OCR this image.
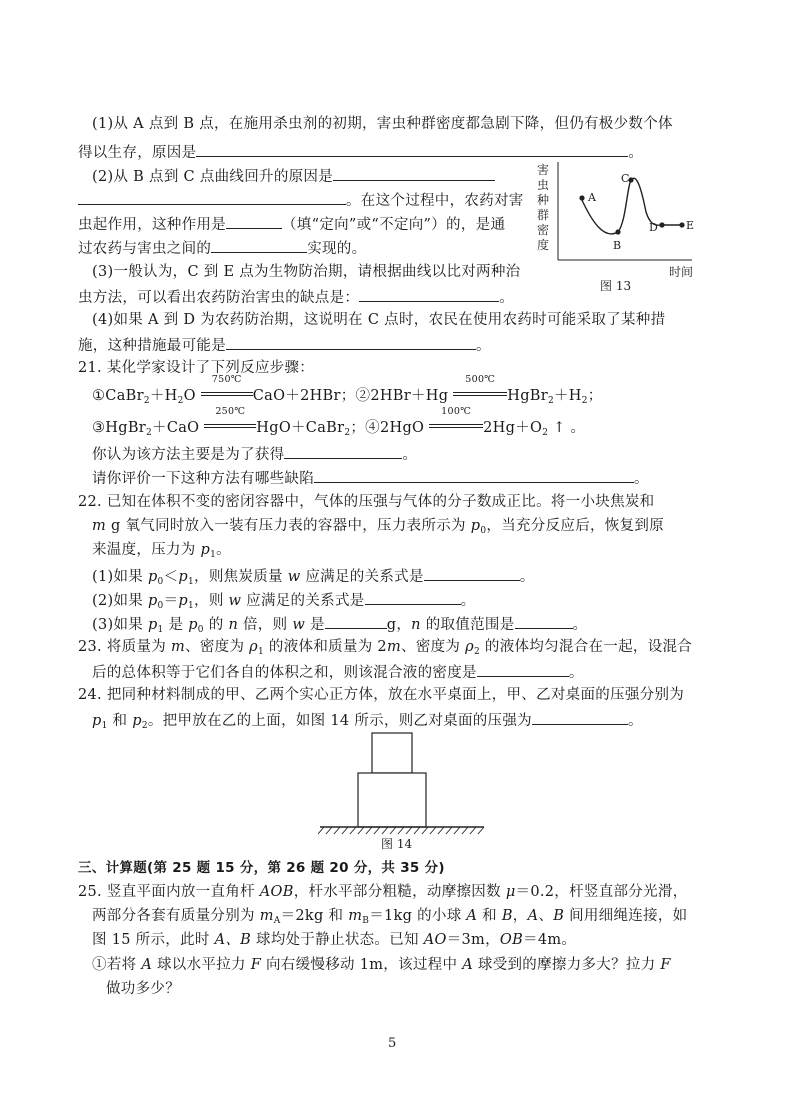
(1)从 A 点到 B 点，在施用杀虫剂的初期，害虫种群密度都急剧下降，但仍有极少数个体
得以生存，原因是	。
(2)从 B 点到 C 点曲线回升的原因是
。在这个过程中，农药对害
虫起作用，这种作用是	（填“定向”或“不定向”）的，是通
过农药与害虫之间的	实现的。
(3)一般认为，C 到 E 点为生物防治期，请根据曲线以比对两种治
虫方法，可以看出农药防治害虫的缺点是：	。
(4)如果 A 到 D 为农药防治期，这说明在 C 点时，农民在使用农药时可能采取了某种措
施，这种措施最可能是	。
害
虫
种
群
密
度
A
B
C
D	E
时间
图 13
21. 某化学家设计了下列反应步骤：
$①CaBr_2+H_2O$
750℃
CaO＋2HBr；②2HBr＋Hg
500℃
$HgBr_2+H_2$；
③HgBr$_2$＋CaO
250℃
HgO＋CaBr$_2$；④2HgO
100℃
$2Hg+O_2$ ↑ 。
你认为该方法主要是为了获得	。
请你评价一下这种方法有哪些缺陷	。
22. 已知在体积不变的密闭容器中，气体的压强与气体的分子数成正比。将一小块焦炭和
m g 氧气同时放入一装有压力表的容器中，压力表所示为 $p_0$，当充分反应后，恢复到原
来温度，压力为 $p_1$。
(1)如果 $p_0<p_1$，则焦炭质量 w 应满足的关系式是	。
(2)如果 $p_0=p_1$，则 w 应满足的关系式是	。
(3)如果 $p_1$ 是 $p_0$ 的 n 倍，则 w 是	g，n 的取值范围是	。
23. 将质量为 m、密度为 $\rho_1$ 的液体和质量为 2m、密度为 $\rho_2$ 的液体均匀混合在一起，设混合
后的总体积等于它们各自的体积之和，则该混合液的密度是	。
24. 把同种材料制成的甲、乙两个实心正方体，放在水平桌面上，甲、乙对桌面的压强分别为
$p_1$ 和 $p_2$。把甲放在乙的上面，如图 14 所示，则乙对桌面的压强为	。
图 14
三、计算题(第 25 题 15 分，第 26 题 20 分，共 35 分)
25. 竖直平面内放一直角杆 AOB，杆水平部分粗糙，动摩擦因数 μ＝0.2，杆竖直部分光滑，
两部分各套有质量分别为 $m_A=2kg$ 和 $m_B=1kg$ 的小球 A 和 B，A、B 间用细绳连接，如
图 15 所示，此时 A、B 球均处于静止状态。已知 AO＝3m，OB＝4m。
①若将 A 球以水平拉力 F 向右缓慢移动 1m，该过程中 A 球受到的摩擦力多大？拉力 F
做功多少？
5
